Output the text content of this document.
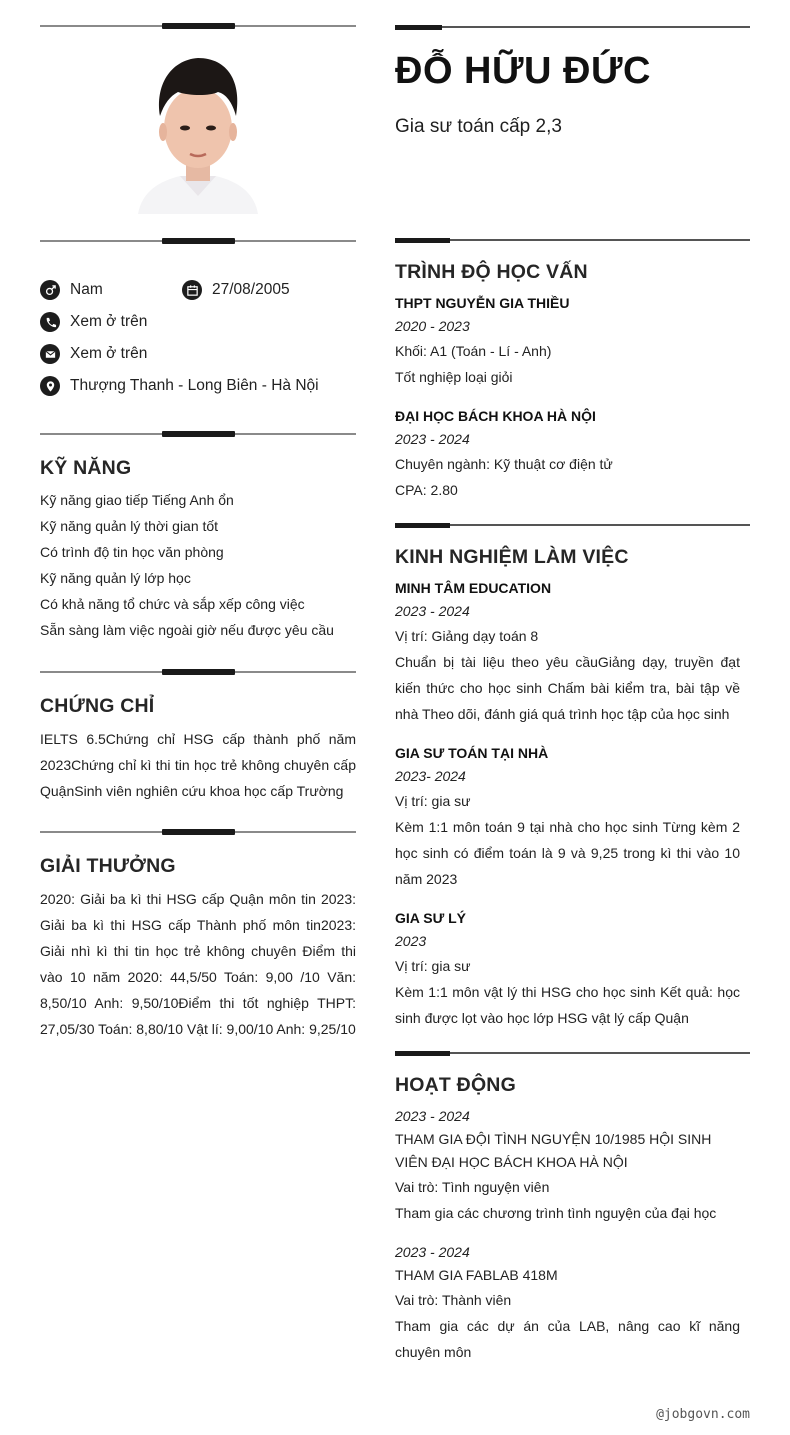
Nam	27/08/2005
Xem ở trên
Xem ở trên
Thượng Thanh - Long Biên - Hà Nội
KỸ NĂNG
Kỹ năng giao tiếp Tiếng Anh ổn
Kỹ năng quản lý thời gian tốt
Có trình độ tin học văn phòng
Kỹ năng quản lý lớp học
Có khả năng tổ chức và sắp xếp công việc
Sẵn sàng làm việc ngoài giờ nếu được yêu cầu
CHỨNG CHỈ
IELTS 6.5Chứng chỉ HSG cấp thành phố năm 2023Chứng chỉ kì thi tin học trẻ không chuyên cấp QuậnSinh viên nghiên cứu khoa học cấp Trường
GIẢI THƯỞNG
2020: Giải ba kì thi HSG cấp Quận môn tin 2023: Giải ba kì thi HSG cấp Thành phố môn tin2023: Giải nhì kì thi tin học trẻ không chuyên Điểm thi vào 10 năm 2020: 44,5/50 Toán: 9,00 /10 Văn: 8,50/10 Anh: 9,50/10Điểm thi tốt nghiệp THPT: 27,05/30 Toán: 8,80/10 Vật lí: 9,00/10 Anh: 9,25/10
ĐỖ HỮU ĐỨC
Gia sư toán cấp 2,3
TRÌNH ĐỘ HỌC VẤN
THPT NGUYỄN GIA THIỀU
2020 - 2023
Khối: A1 (Toán - Lí - Anh)
Tốt nghiệp loại giỏi
ĐẠI HỌC BÁCH KHOA HÀ NỘI
2023 - 2024
Chuyên ngành: Kỹ thuật cơ điện tử
CPA: 2.80
KINH NGHIỆM LÀM VIỆC
MINH TÂM EDUCATION
2023 - 2024
Vị trí: Giảng dạy toán 8
Chuẩn bị tài liệu theo yêu cầuGiảng dạy, truyền đạt kiến thức cho học sinh Chấm bài kiểm tra, bài tập về nhà Theo dõi, đánh giá quá trình học tập của học sinh
GIA SƯ TOÁN TẠI NHÀ
2023- 2024
Vị trí: gia sư
Kèm 1:1 môn toán 9 tại nhà cho học sinh Từng kèm 2 học sinh có điểm toán là 9 và 9,25 trong kì thi vào 10 năm 2023
GIA SƯ LÝ
2023
Vị trí: gia sư
Kèm 1:1 môn vật lý thi HSG cho học sinh Kết quả: học sinh được lọt vào học lớp HSG vật lý cấp Quận
HOẠT ĐỘNG
2023 - 2024
THAM GIA ĐỘI TÌNH NGUYỆN 10/1985 HỘI SINH VIÊN ĐẠI HỌC BÁCH KHOA HÀ NỘI
Vai trò: Tình nguyện viên
Tham gia các chương trình tình nguyện của đại học
2023 - 2024
THAM GIA FABLAB 418M
Vai trò: Thành viên
Tham gia các dự án của LAB, nâng cao kĩ năng chuyên môn
@jobgovn.com
